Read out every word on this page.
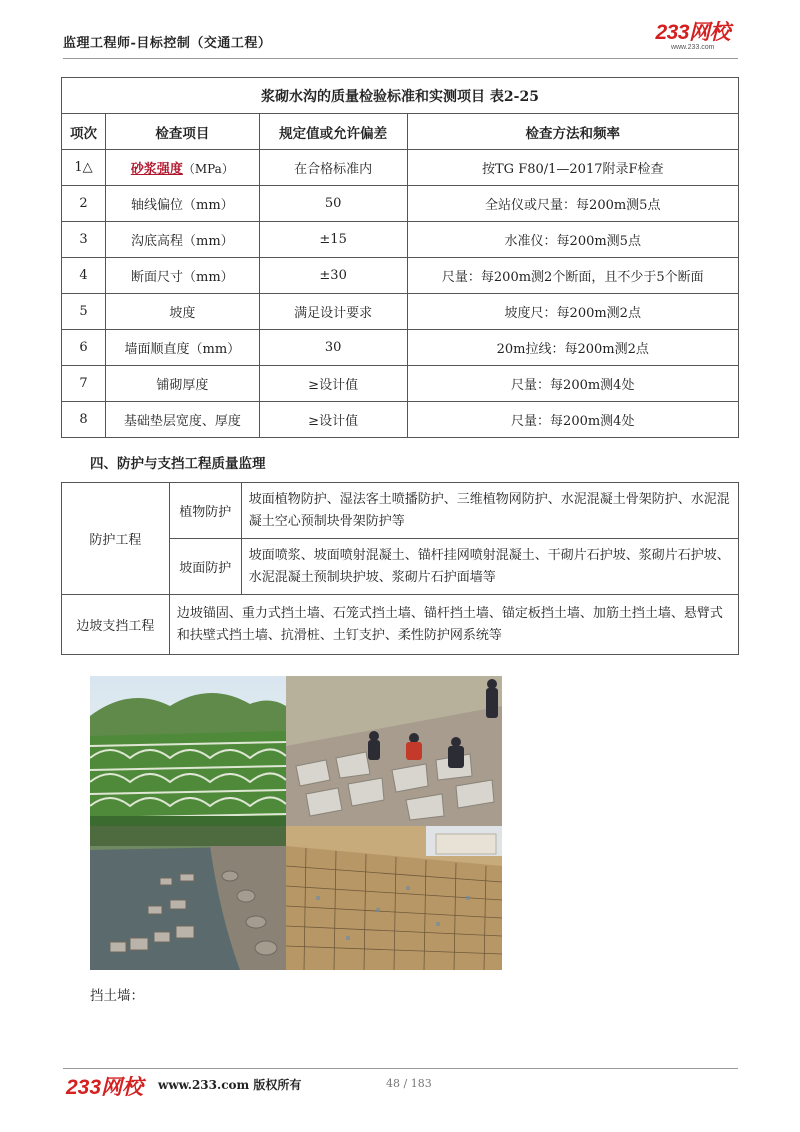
监理工程师-目标控制（交通工程）	233网校
www.233.com
浆砌水沟的质量检验标准和实测项目 表2-25			
项次	检查项目	规定值或允许偏差	检查方法和频率
1△	砂浆强度（MPa）	在合格标准内	按TG F80/1—2017附录F检查
2	轴线偏位（mm）	50	全站仪或尺量：每200m测5点
3	沟底高程（mm）	±15	水准仪：每200m测5点
4	断面尺寸（mm）	±30	尺量：每200m测2个断面，且不少于5个断面
5	坡度	满足设计要求	坡度尺：每200m测2点
6	墙面顺直度（mm）	30	20m拉线：每200m测2点
7	铺砌厚度	≥设计值	尺量：每200m测4处
8	基础垫层宽度、厚度	≥设计值	尺量：每200m测4处
四、防护与支挡工程质量监理
防护工程	植物防护	坡面植物防护、湿法客土喷播防护、三维植物网防护、水泥混凝土骨架防护、水泥混凝土空心预制块骨架防护等
	坡面防护	坡面喷浆、坡面喷射混凝土、锚杆挂网喷射混凝土、干砌片石护坡、浆砌片石护坡、水泥混凝土预制块护坡、浆砌片石护面墙等
边坡支挡工程	边坡锚固、重力式挡土墙、石笼式挡土墙、锚杆挡土墙、锚定板挡土墙、加筋土挡土墙、悬臂式和扶壁式挡土墙、抗滑桩、土钉支护、柔性防护网系统等	
挡土墙：
233网校 www.233.com 版权所有	48 / 183
